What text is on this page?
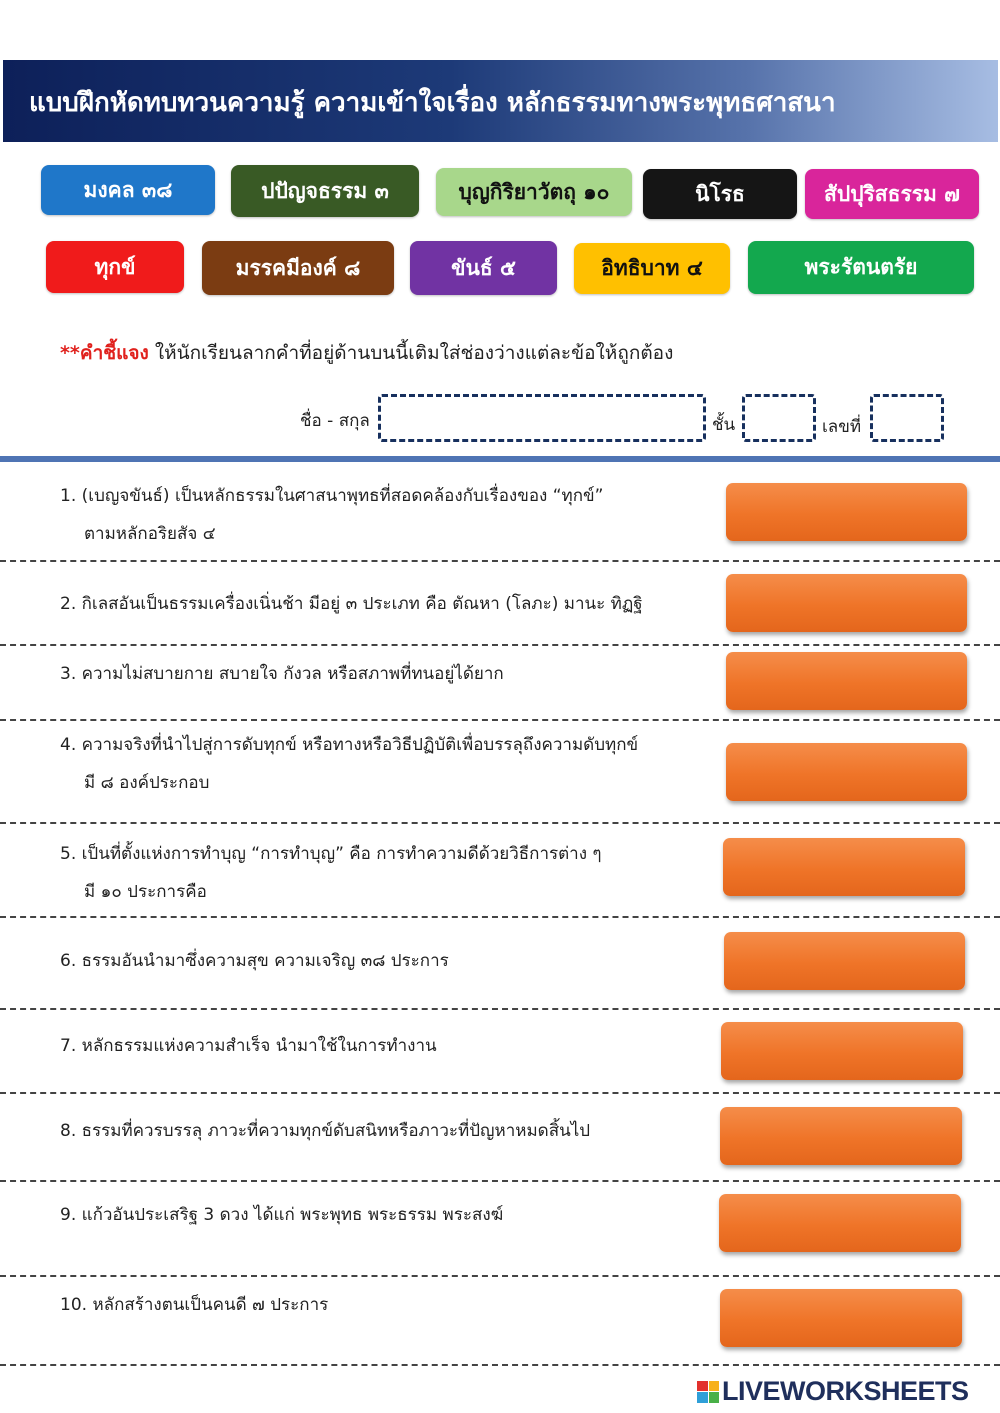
แบบฝึกหัดทบทวนความรู้ ความเข้าใจเรื่อง หลักธรรมทางพระพุทธศาสนา
มงคล ๓๘	ปปัญจธรรม ๓	บุญกิริยาวัตถุ ๑๐	นิโรธ	สัปปุริสธรรม ๗
ทุกข์	มรรคมีองค์ ๘	ขันธ์ ๕	อิทธิบาท ๔	พระรัตนตรัย
**คำชี้แจง ให้นักเรียนลากคำที่อยู่ด้านบนนี้เติมใส่ช่องว่างแต่ละข้อให้ถูกต้อง
ชื่อ - สกุล	ชั้น	เลขที่
1. (เบญจขันธ์) เป็นหลักธรรมในศาสนาพุทธที่สอดคล้องกับเรื่องของ “ทุกข์”
ตามหลักอริยสัจ ๔
2. กิเลสอันเป็นธรรมเครื่องเนิ่นช้า มีอยู่ ๓ ประเภท คือ ตัณหา (โลภะ) มานะ ทิฏฐิ
3. ความไม่สบายกาย สบายใจ กังวล หรือสภาพที่ทนอยู่ได้ยาก
4. ความจริงที่นำไปสู่การดับทุกข์ หรือทางหรือวิธีปฏิบัติเพื่อบรรลุถึงความดับทุกข์
มี ๘ องค์ประกอบ
5. เป็นที่ตั้งแห่งการทำบุญ “การทำบุญ” คือ การทำความดีด้วยวิธีการต่าง ๆ
มี ๑๐ ประการคือ
6. ธรรมอันนำมาซึ่งความสุข ความเจริญ ๓๘ ประการ
7. หลักธรรมแห่งความสำเร็จ นำมาใช้ในการทำงาน
8. ธรรมที่ควรบรรลุ ภาวะที่ความทุกข์ดับสนิทหรือภาวะที่ปัญหาหมดสิ้นไป
9. แก้วอันประเสริฐ 3 ดวง ได้แก่ พระพุทธ พระธรรม พระสงฆ์
10. หลักสร้างตนเป็นคนดี ๗ ประการ
LIVEWORKSHEETS
